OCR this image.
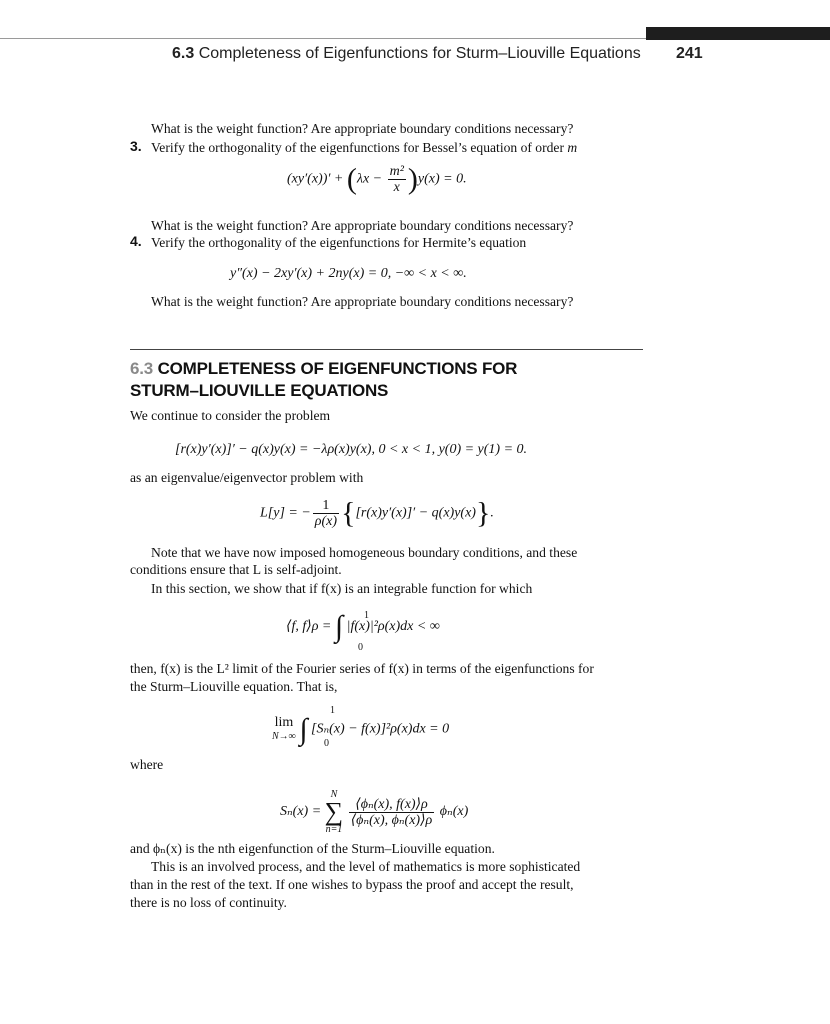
6.3 Completeness of Eigenfunctions for Sturm–Liouville Equations 241
What is the weight function? Are appropriate boundary conditions necessary?
3. Verify the orthogonality of the eigenfunctions for Bessel’s equation of order m
$(xy'(x))' + (\lambda x - \frac{\text{m²}}{x} )y(x) = 0$.
What is the weight function? Are appropriate boundary conditions necessary?
4. Verify the orthogonality of the eigenfunctions for Hermite’s equation
y″(x) − 2xy′(x) + 2ny(x) = 0, −∞ < x < ∞.
What is the weight function? Are appropriate boundary conditions necessary?
6.3 COMPLETENESS OF EIGENFUNCTIONS FOR
STURM–LIOUVILLE EQUATIONS
We continue to consider the problem
[r(x)y′(x)]′ − q(x)y(x) = −λρ(x)y(x), 0 < x < 1, y(0) = y(1) = 0.
as an eigenvalue/eigenvector problem with
L[y] = − $\frac{1}{\rho(x)} \{[r(x)y'(x)]' - q(x)y(x)\}$.
Note that we have now imposed homogeneous boundary conditions, and these
conditions ensure that L is self-adjoint.
In this section, we show that if f(x) is an integrable function for which
⟨f, f⟩ρ = ∫ |f(x)|²ρ(x)dx < ∞
1
0
then, f(x) is the L² limit of the Fourier series of f(x) in terms of the eigenfunctions for
the Sturm–Liouville equation. That is,
lim
N→∞ ∫ [Sₙ(x) − f(x)]²ρ(x)dx = 0
1
0
where
Sₙ(x) = N
∑
n=1
$\frac{\text{⟨ϕₙ(x), f(x)⟩ρ}}{\text{⟨ϕₙ(x), ϕₙ(x)⟩ρ}} \phi_n(x)$
and ϕₙ(x) is the nth eigenfunction of the Sturm–Liouville equation.
This is an involved process, and the level of mathematics is more sophisticated
than in the rest of the text. If one wishes to bypass the proof and accept the result,
there is no loss of continuity.
